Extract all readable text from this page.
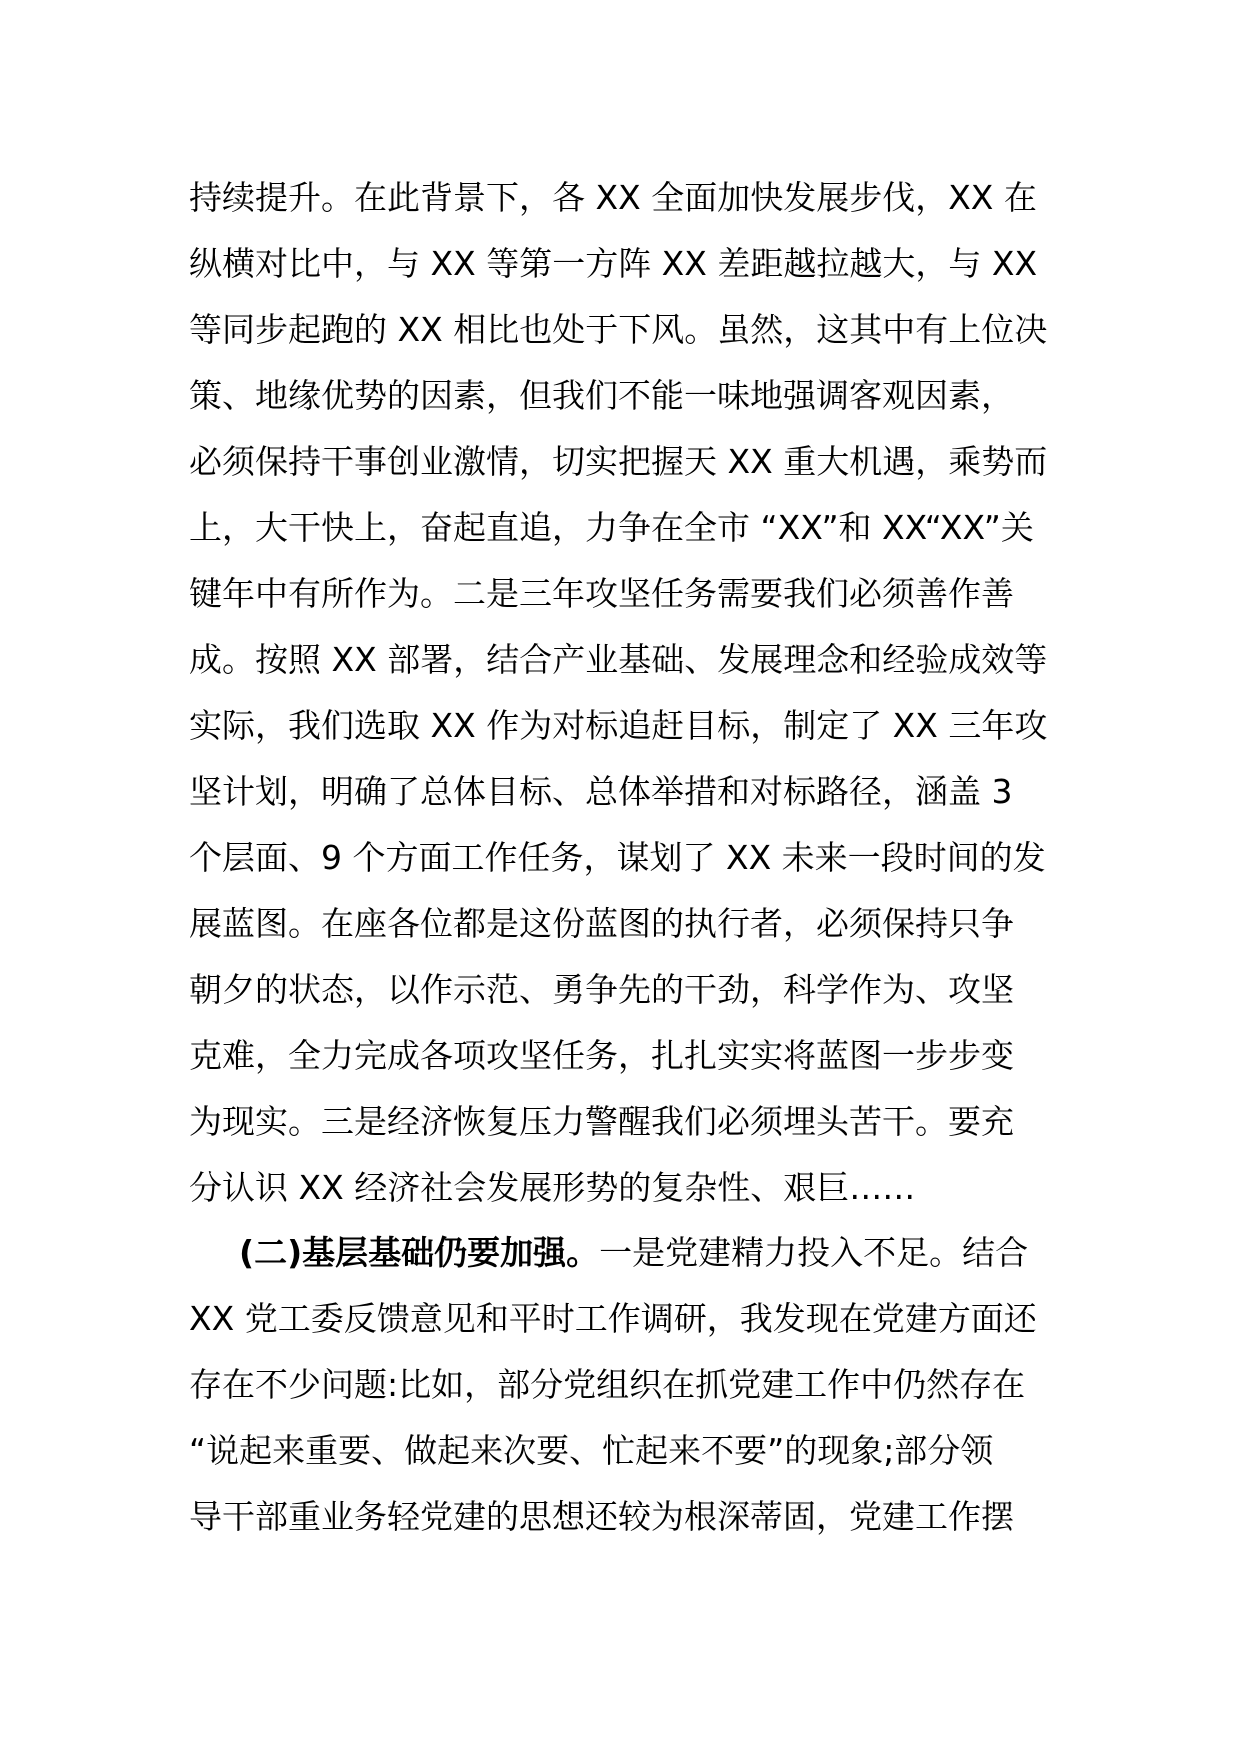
持续提升。在此背景下，各 XX 全面加快发展步伐，XX 在
纵横对比中，与 XX 等第一方阵 XX 差距越拉越大，与 XX
等同步起跑的 XX 相比也处于下风。虽然，这其中有上位决
策、地缘优势的因素，但我们不能一味地强调客观因素，
必须保持干事创业激情，切实把握天 XX 重大机遇，乘势而
上，大干快上，奋起直追，力争在全市 “XX”和 XX“XX”关
键年中有所作为。二是三年攻坚任务需要我们必须善作善
成。按照 XX 部署，结合产业基础、发展理念和经验成效等
实际，我们选取 XX 作为对标追赶目标，制定了 XX 三年攻
坚计划，明确了总体目标、总体举措和对标路径，涵盖 3
个层面、9 个方面工作任务，谋划了 XX 未来一段时间的发
展蓝图。在座各位都是这份蓝图的执行者，必须保持只争
朝夕的状态，以作示范、勇争先的干劲，科学作为、攻坚
克难，全力完成各项攻坚任务，扎扎实实将蓝图一步步变
为现实。三是经济恢复压力警醒我们必须埋头苦干。要充
分认识 XX 经济社会发展形势的复杂性、艰巨……
(二)基层基础仍要加强。一是党建精力投入不足。结合
XX 党工委反馈意见和平时工作调研，我发现在党建方面还
存在不少问题:比如，部分党组织在抓党建工作中仍然存在
“说起来重要、做起来次要、忙起来不要”的现象;部分领
导干部重业务轻党建的思想还较为根深蒂固，党建工作摆
